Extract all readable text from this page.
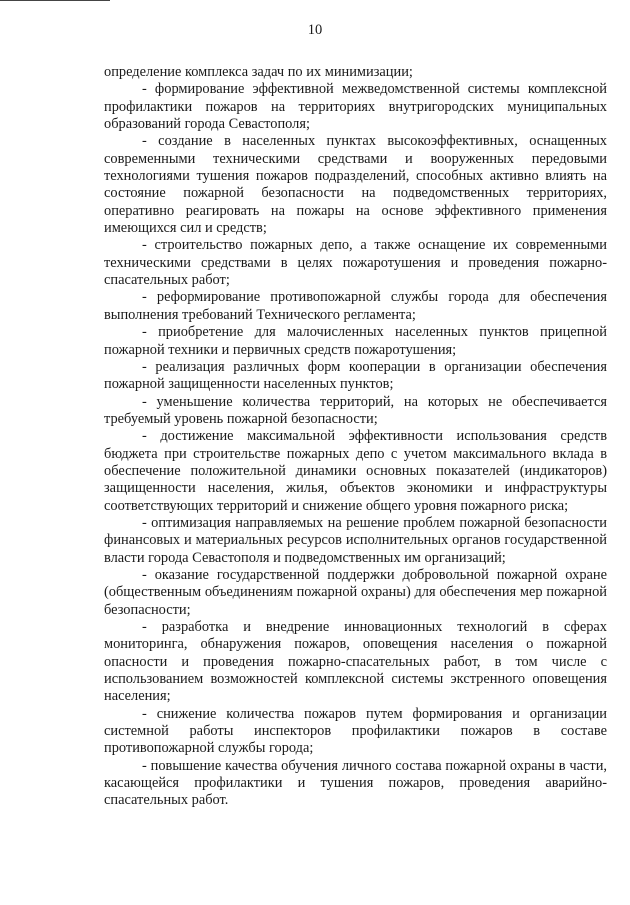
10

определение комплекса задач по их минимизации;

- формирование эффективной межведомственной системы комплексной профилактики пожаров на территориях внутригородских муниципальных образований города Севастополя;

- создание в населенных пунктах высокоэффективных, оснащенных современными техническими средствами и вооруженных передовыми технологиями тушения пожаров подразделений, способных активно влиять на состояние пожарной безопасности на подведомственных территориях, оперативно реагировать на пожары на основе эффективного применения имеющихся сил и средств;

- строительство пожарных депо, а также оснащение их современными техническими средствами в целях пожаротушения и проведения пожарно-спасательных работ;

- реформирование противопожарной службы города для обеспечения выполнения требований Технического регламента;

- приобретение для малочисленных населенных пунктов прицепной пожарной техники и первичных средств пожаротушения;

- реализация различных форм кооперации в организации обеспечения пожарной защищенности населенных пунктов;

- уменьшение количества территорий, на которых не обеспечивается требуемый уровень пожарной безопасности;

- достижение максимальной эффективности использования средств бюджета при строительстве пожарных депо с учетом максимального вклада в обеспечение положительной динамики основных показателей (индикаторов) защищенности населения, жилья, объектов экономики и инфраструктуры соответствующих территорий и снижение общего уровня пожарного риска;

- оптимизация направляемых на решение проблем пожарной безопасности финансовых и материальных ресурсов исполнительных органов государственной власти города Севастополя и подведомственных им организаций;

- оказание государственной поддержки добровольной пожарной охране (общественным объединениям пожарной охраны) для обеспечения мер пожарной безопасности;

- разработка и внедрение инновационных технологий в сферах мониторинга, обнаружения пожаров, оповещения населения о пожарной опасности и проведения пожарно-спасательных работ, в том числе с использованием возможностей комплексной системы экстренного оповещения населения;

- снижение количества пожаров путем формирования и организации системной работы инспекторов профилактики пожаров в составе противопожарной службы города;

- повышение качества обучения личного состава пожарной охраны в части, касающейся профилактики и тушения пожаров, проведения аварийно-спасательных работ.
